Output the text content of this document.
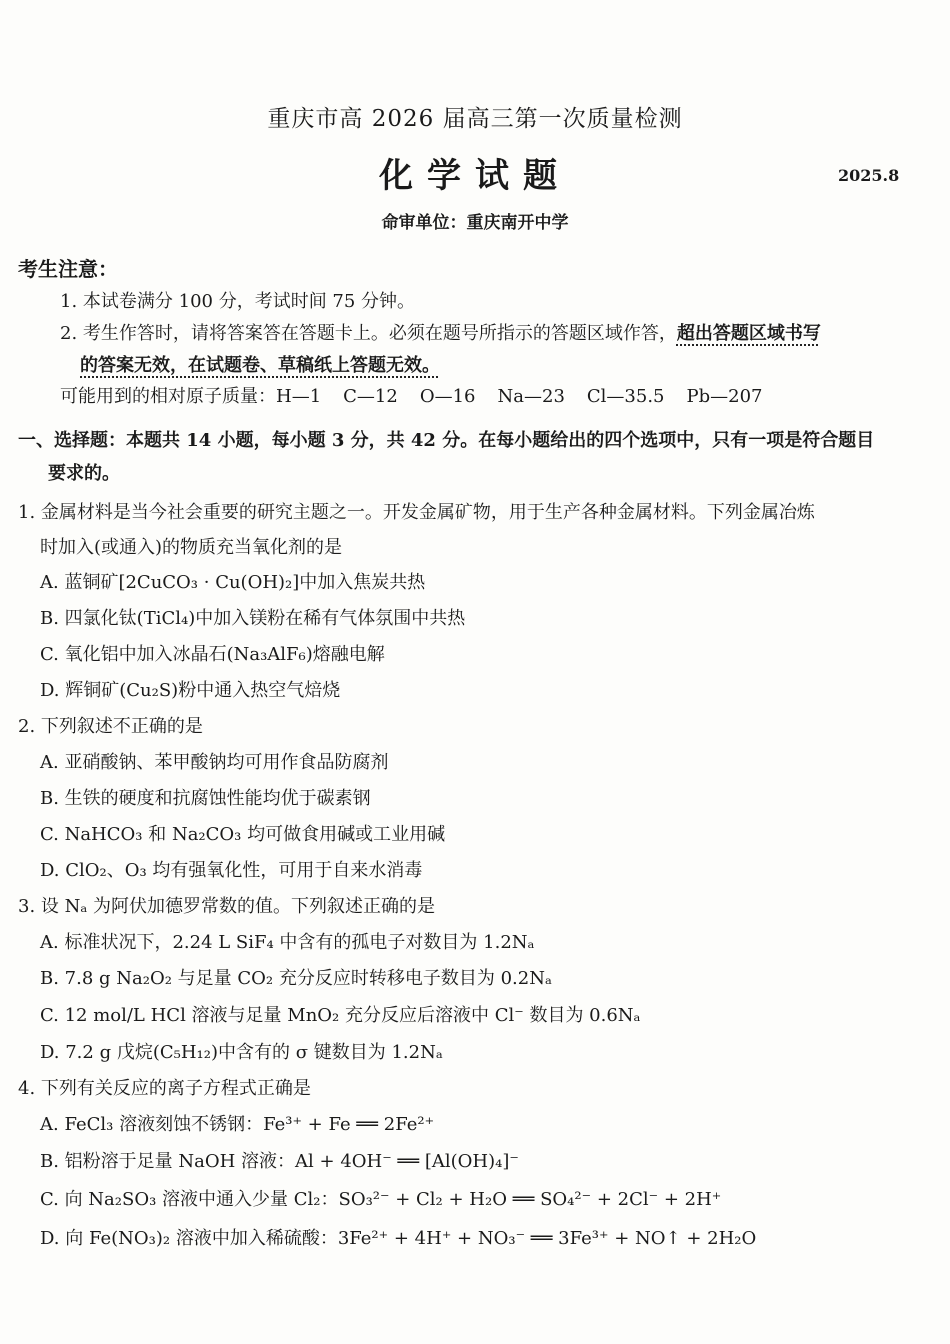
重庆市高 2026 届高三第一次质量检测
化学试题	2025.8
命审单位：重庆南开中学
考生注意：
1. 本试卷满分 100 分，考试时间 75 分钟。
2. 考生作答时，请将答案答在答题卡上。必须在题号所指示的答题区域作答，超出答题区域书写
的答案无效，在试题卷、草稿纸上答题无效。
可能用到的相对原子质量：H—1 C—12 O—16 Na—23 Cl—35.5 Pb—207
一、选择题：本题共 14 小题，每小题 3 分，共 42 分。在每小题给出的四个选项中，只有一项是符合题目
要求的。
1. 金属材料是当今社会重要的研究主题之一。开发金属矿物，用于生产各种金属材料。下列金属冶炼
时加入(或通入)的物质充当氧化剂的是
A. 蓝铜矿[2CuCO₃ · Cu(OH)₂]中加入焦炭共热
B. 四氯化钛(TiCl₄)中加入镁粉在稀有气体氛围中共热
C. 氧化铝中加入冰晶石(Na₃AlF₆)熔融电解
D. 辉铜矿(Cu₂S)粉中通入热空气焙烧
2. 下列叙述不正确的是
A. 亚硝酸钠、苯甲酸钠均可用作食品防腐剂
B. 生铁的硬度和抗腐蚀性能均优于碳素钢
C. NaHCO₃ 和 Na₂CO₃ 均可做食用碱或工业用碱
D. ClO₂、O₃ 均有强氧化性，可用于自来水消毒
3. 设 Nₐ 为阿伏加德罗常数的值。下列叙述正确的是
A. 标准状况下，2.24 L SiF₄ 中含有的孤电子对数目为 1.2Nₐ
B. 7.8 g Na₂O₂ 与足量 CO₂ 充分反应时转移电子数目为 0.2Nₐ
C. 12 mol/L HCl 溶液与足量 MnO₂ 充分反应后溶液中 Cl⁻ 数目为 0.6Nₐ
D. 7.2 g 戊烷(C₅H₁₂)中含有的 σ 键数目为 1.2Nₐ
4. 下列有关反应的离子方程式正确是
A. FeCl₃ 溶液刻蚀不锈钢：Fe³⁺ + Fe ══ 2Fe²⁺
B. 铝粉溶于足量 NaOH 溶液：Al + 4OH⁻ ══ [Al(OH)₄]⁻
C. 向 Na₂SO₃ 溶液中通入少量 Cl₂：SO₃²⁻ + Cl₂ + H₂O ══ SO₄²⁻ + 2Cl⁻ + 2H⁺
D. 向 Fe(NO₃)₂ 溶液中加入稀硫酸：3Fe²⁺ + 4H⁺ + NO₃⁻ ══ 3Fe³⁺ + NO↑ + 2H₂O
